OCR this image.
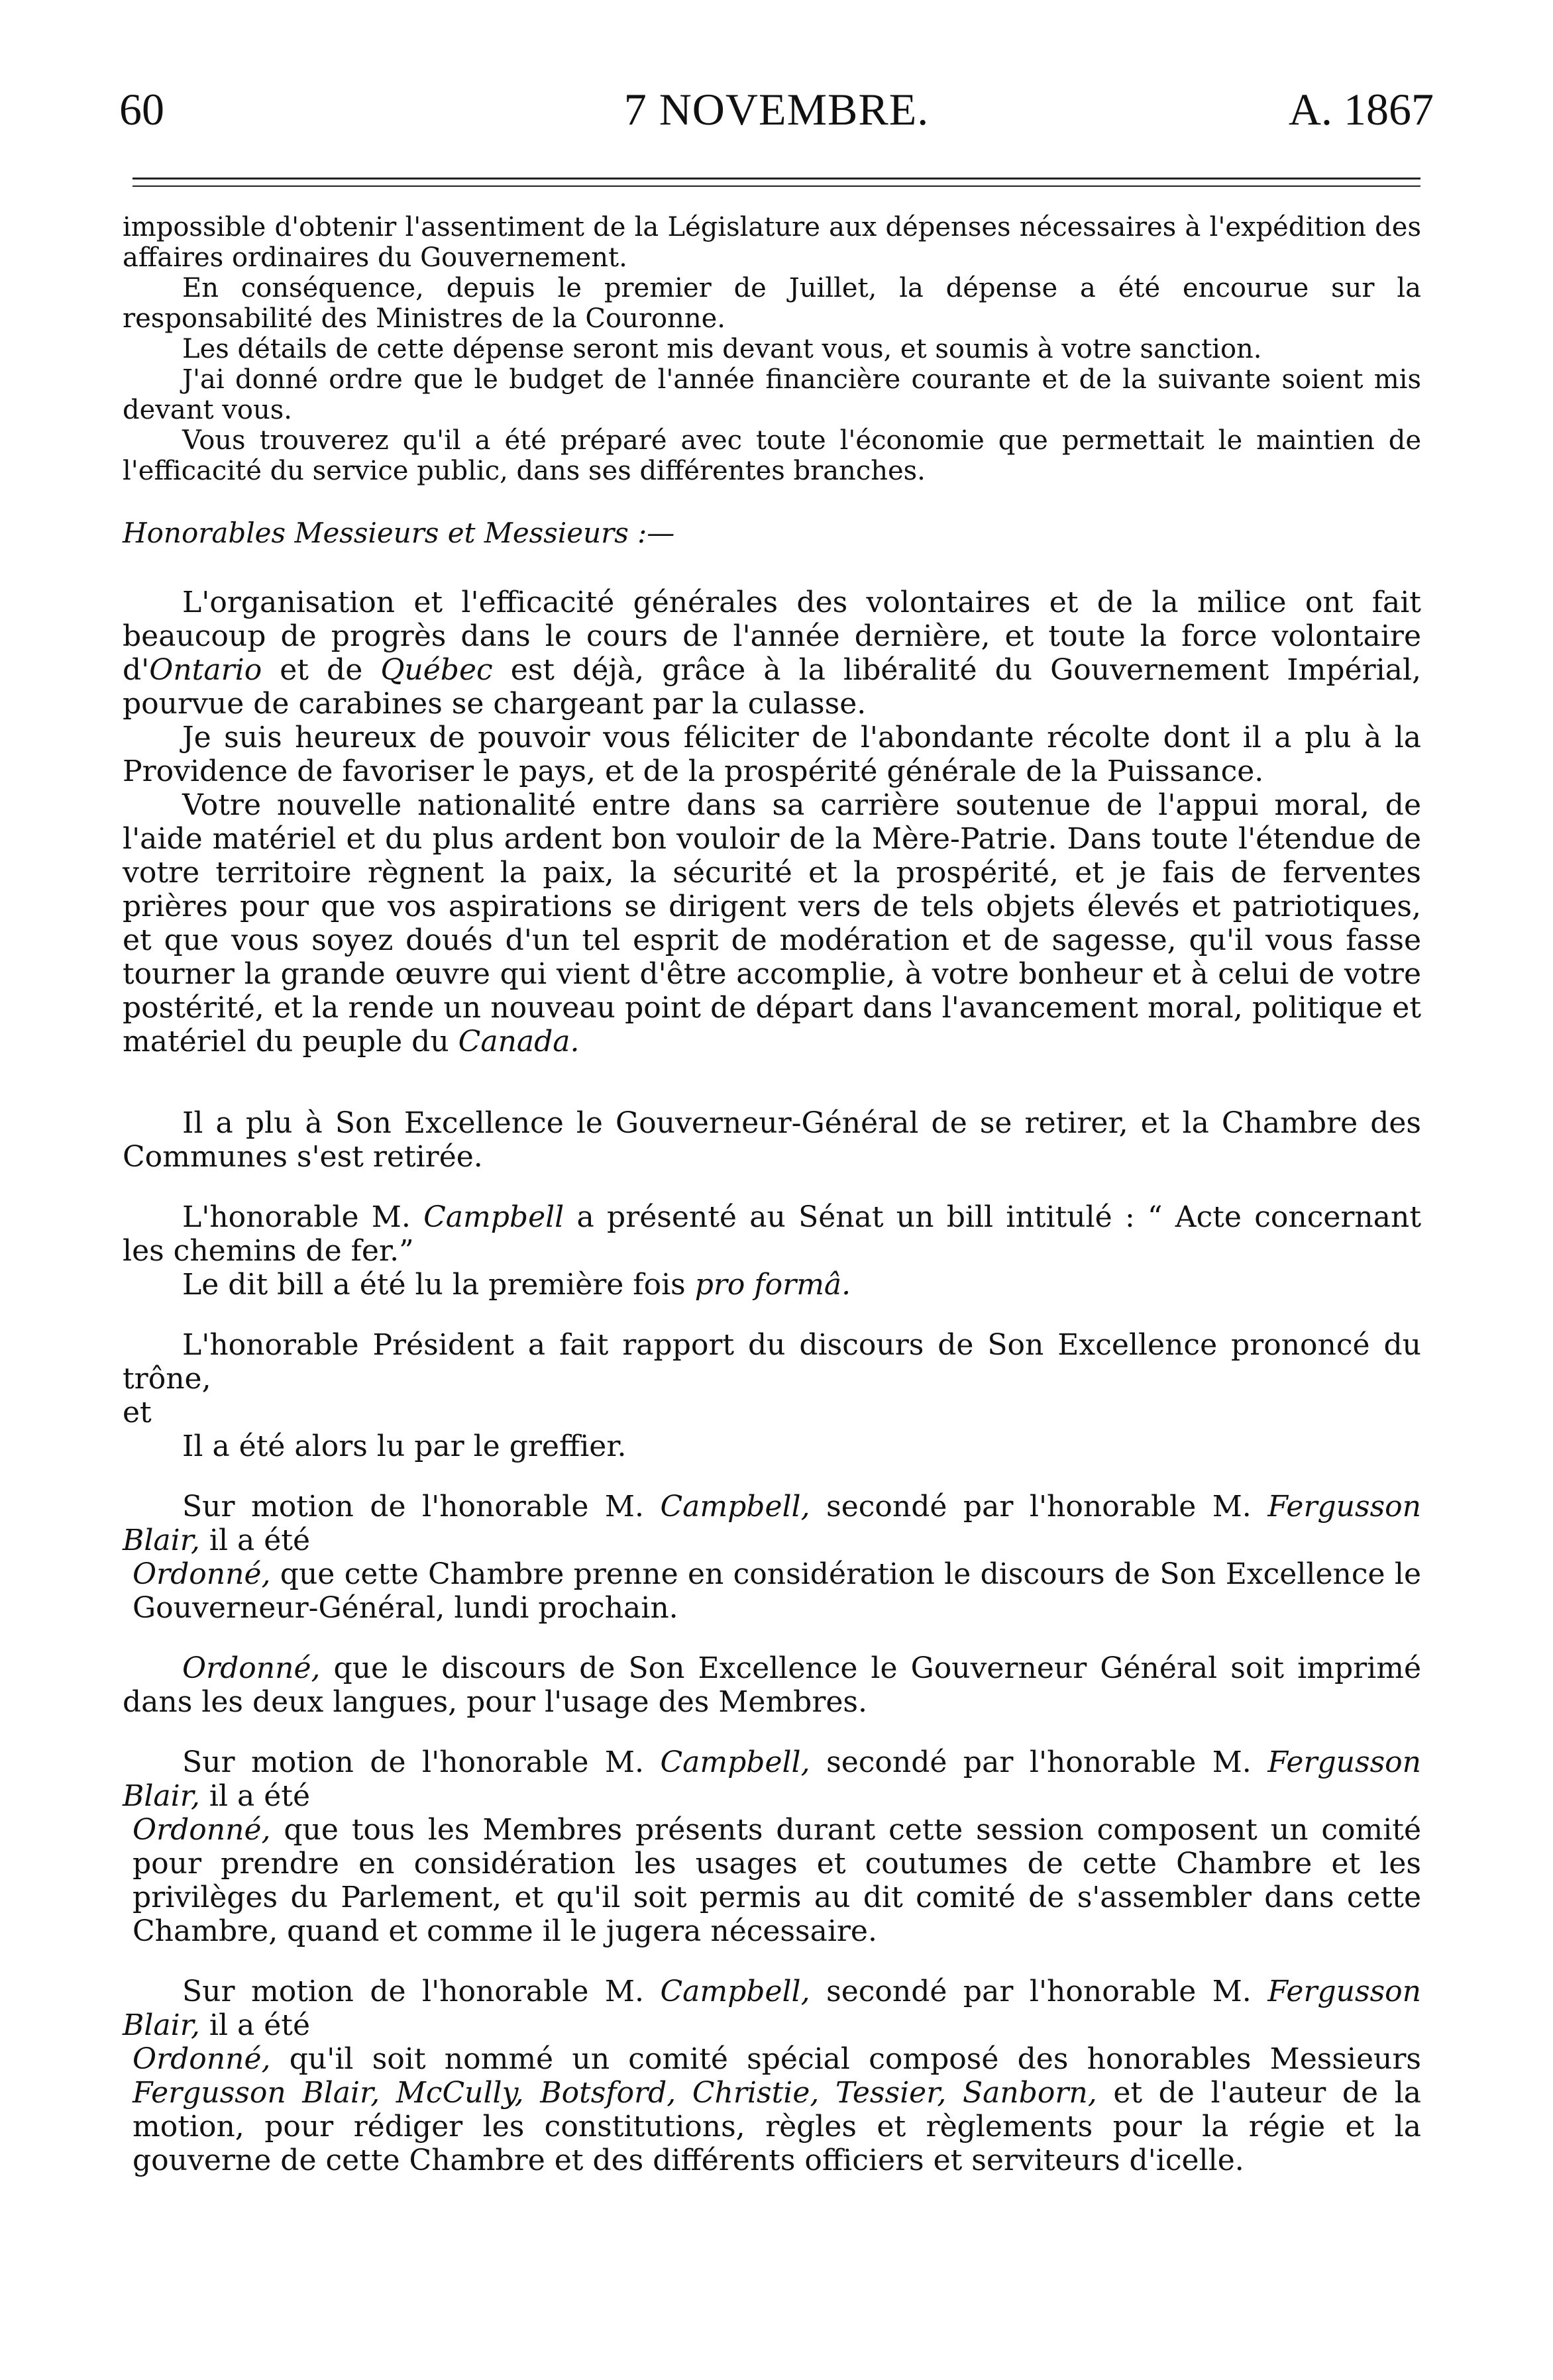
60	7 NOVEMBRE.	A. 1867

impossible d'obtenir l'assentiment de la Législature aux dépenses nécessaires à l'expédition des affaires ordinaires du Gouvernement.

En conséquence, depuis le premier de Juillet, la dépense a été encourue sur la responsabilité des Ministres de la Couronne.

Les détails de cette dépense seront mis devant vous, et soumis à votre sanction.

J'ai donné ordre que le budget de l'année financière courante et de la suivante soient mis devant vous.

Vous trouverez qu'il a été préparé avec toute l'économie que permettait le maintien de l'efficacité du service public, dans ses différentes branches.

Honorables Messieurs et Messieurs :—

L'organisation et l'efficacité générales des volontaires et de la milice ont fait beaucoup de progrès dans le cours de l'année dernière, et toute la force volontaire d'Ontario et de Québec est déjà, grâce à la libéralité du Gouvernement Impérial, pourvue de carabines se chargeant par la culasse.

Je suis heureux de pouvoir vous féliciter de l'abondante récolte dont il a plu à la Providence de favoriser le pays, et de la prospérité générale de la Puissance.

Votre nouvelle nationalité entre dans sa carrière soutenue de l'appui moral, de l'aide matériel et du plus ardent bon vouloir de la Mère-Patrie. Dans toute l'étendue de votre territoire règnent la paix, la sécurité et la prospérité, et je fais de ferventes prières pour que vos aspirations se dirigent vers de tels objets élevés et patriotiques, et que vous soyez doués d'un tel esprit de modération et de sagesse, qu'il vous fasse tourner la grande œuvre qui vient d'être accomplie, à votre bonheur et à celui de votre postérité, et la rende un nouveau point de départ dans l'avancement moral, politique et matériel du peuple du Canada.

Il a plu à Son Excellence le Gouverneur-Général de se retirer, et la Chambre des Communes s'est retirée.

L'honorable M. Campbell a présenté au Sénat un bill intitulé : “ Acte concernant les chemins de fer.”

Le dit bill a été lu la première fois pro formâ.

L'honorable Président a fait rapport du discours de Son Excellence prononcé du trône,

et

Il a été alors lu par le greffier.

Sur motion de l'honorable M. Campbell, secondé par l'honorable M. Fergusson Blair, il a été

Ordonné, que cette Chambre prenne en considération le discours de Son Excellence le Gouverneur-Général, lundi prochain.

Ordonné, que le discours de Son Excellence le Gouverneur Général soit imprimé dans les deux langues, pour l'usage des Membres.

Sur motion de l'honorable M. Campbell, secondé par l'honorable M. Fergusson Blair, il a été

Ordonné, que tous les Membres présents durant cette session composent un comité pour prendre en considération les usages et coutumes de cette Chambre et les privilèges du Parlement, et qu'il soit permis au dit comité de s'assembler dans cette Chambre, quand et comme il le jugera nécessaire.

Sur motion de l'honorable M. Campbell, secondé par l'honorable M. Fergusson Blair, il a été

Ordonné, qu'il soit nommé un comité spécial composé des honorables Messieurs Fergusson Blair, McCully, Botsford, Christie, Tessier, Sanborn, et de l'auteur de la motion, pour rédiger les constitutions, règles et règlements pour la régie et la gouverne de cette Chambre et des différents officiers et serviteurs d'icelle.
